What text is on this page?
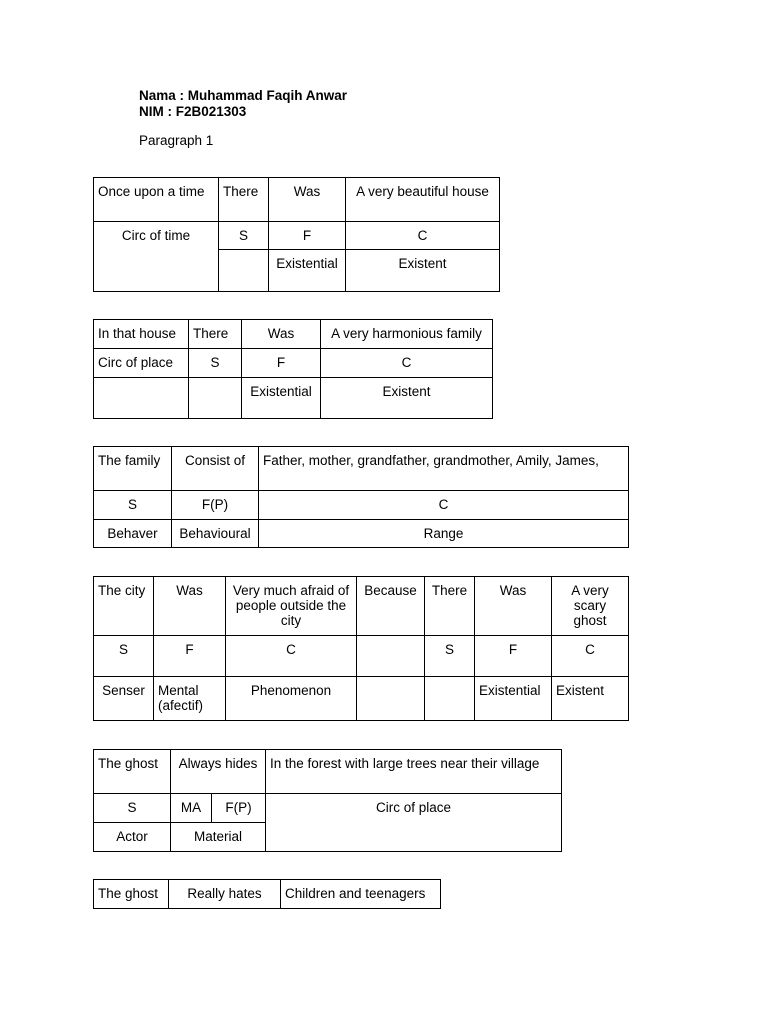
Nama : Muhammad Faqih Anwar
NIM : F2B021303
Paragraph 1
Once upon a time	There	Was	A very beautiful house

Circ of time	S	F	C

		Existential	Existent
In that house	There	Was	A very harmonious family

Circ of place	S	F	C

		Existential	Existent
The family	Consist of	Father, mother, grandfather, grandmother, Amily, James,

S	F(P)	C

Behaver	Behavioural	Range
The city	Was	Very much afraid of people outside the city	Because	There	Was	A very scary ghost

S	F	C		S	F	C

Senser	Mental (afectif)	Phenomenon			Existential	Existent
The ghost	Always hides		In the forest with large trees near their village

S	MA	F(P)	Circ of place

Actor	Material		
The ghost	Really hates	Children and teenagers
